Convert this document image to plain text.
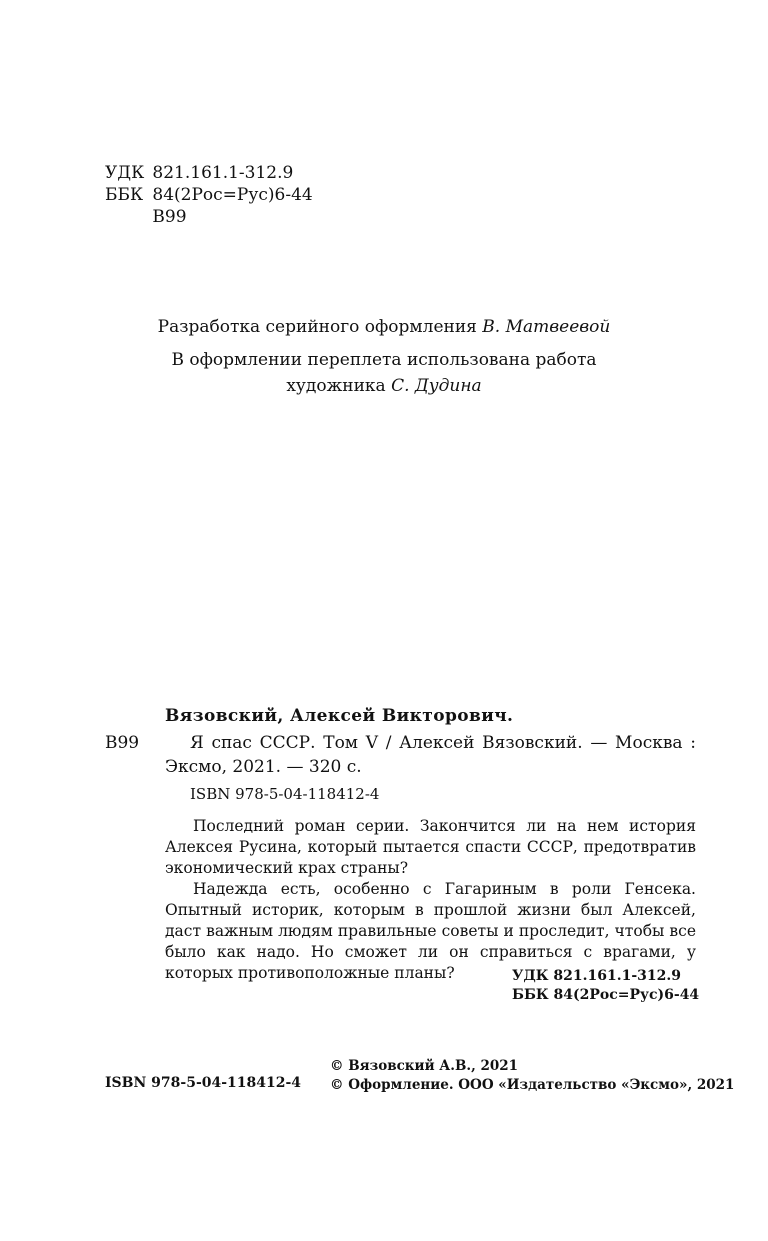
УДК 821.161.1-312.9
ББК 84(2Рос=Рус)6-44
В99
Разработка серийного оформления В. Матвеевой
В оформлении переплета использована работа
художника С. Дудина
Вязовский, Алексей Викторович.
В99	Я спас СССР. Том V / Алексей Вязовский. — Москва :
Эксмо, 2021. — 320 с.
ISBN 978-5-04-118412-4

Последний роман серии. Закончится ли на нем история Алексея Русина, который пытается спасти СССР, предотвратив экономический крах страны?

Надежда есть, особенно с Гагариным в роли Генсека. Опытный историк, которым в прошлой жизни был Алексей, даст важным людям правильные советы и проследит, чтобы все было как надо. Но сможет ли он справиться с врагами, у которых противоположные планы?	УДК 821.161.1-312.9
ББК 84(2Рос=Рус)6-44
ISBN 978-5-04-118412-4
© Вязовский А.В., 2021
© Оформление. ООО «Издательство «Эксмо», 2021
